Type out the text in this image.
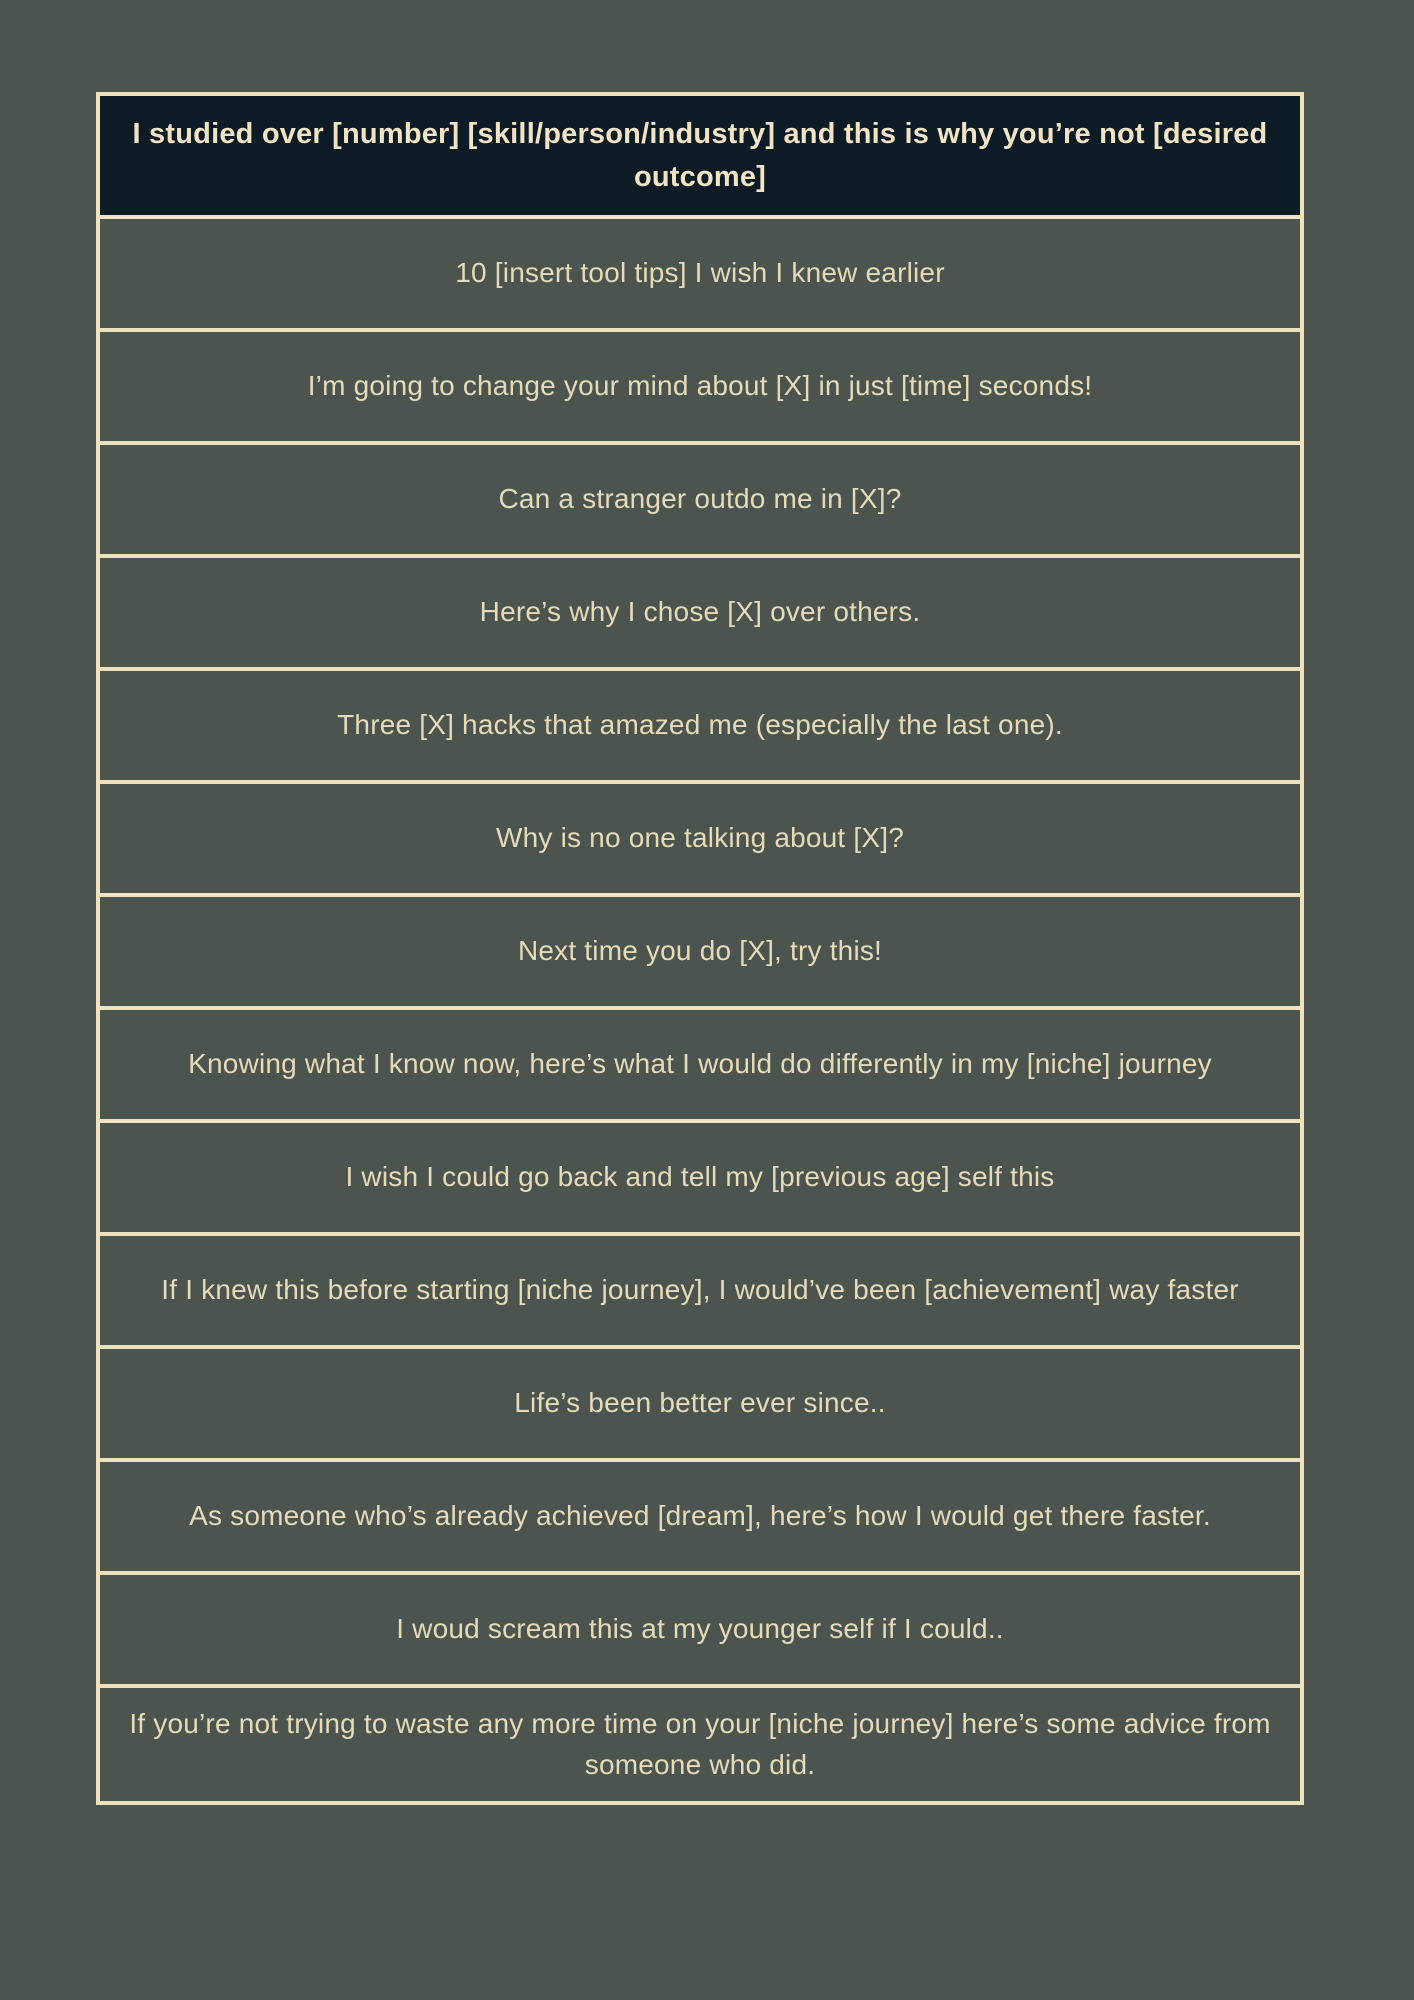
I studied over [number] [skill/person/industry] and this is why you’re not [desired outcome]
10 [insert tool tips] I wish I knew earlier
I’m going to change your mind about [X] in just [time] seconds!
Can a stranger outdo me in [X]?
Here’s why I chose [X] over others.
Three [X] hacks that amazed me (especially the last one).
Why is no one talking about [X]?
Next time you do [X], try this!
Knowing what I know now, here’s what I would do differently in my [niche] journey
I wish I could go back and tell my [previous age] self this
If I knew this before starting [niche journey], I would’ve been [achievement] way faster
Life’s been better ever since..
As someone who’s already achieved [dream], here’s how I would get there faster.
I woud scream this at my younger self if I could..
If you’re not trying to waste any more time on your [niche journey] here’s some advice from someone who did.
